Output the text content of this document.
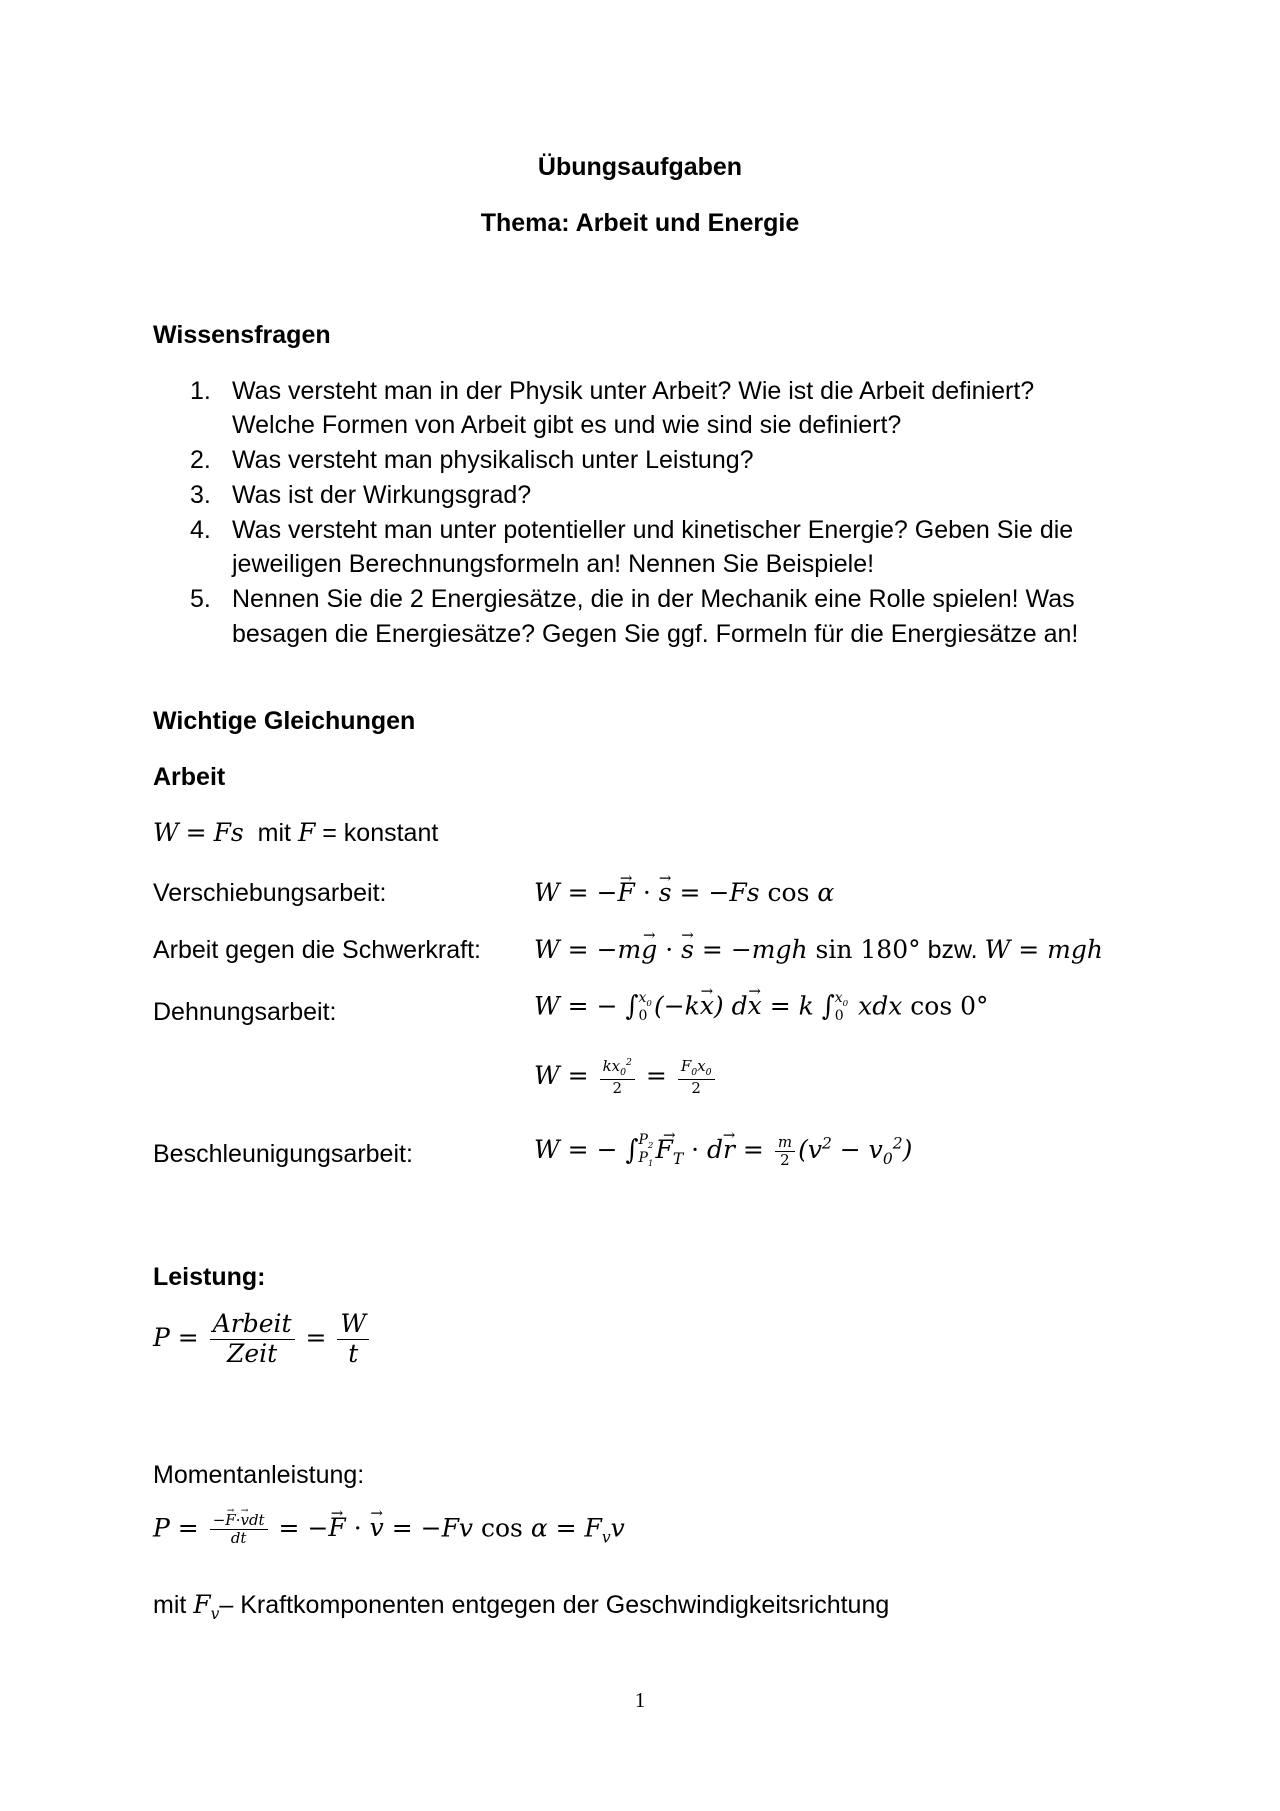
Übungsaufgaben
Thema: Arbeit und Energie
Wissensfragen
1. Was versteht man in der Physik unter Arbeit? Wie ist die Arbeit definiert?
Welche Formen von Arbeit gibt es und wie sind sie definiert?
2. Was versteht man physikalisch unter Leistung?
3. Was ist der Wirkungsgrad?
4. Was versteht man unter potentieller und kinetischer Energie? Geben Sie die
jeweiligen Berechnungsformeln an! Nennen Sie Beispiele!
5. Nennen Sie die 2 Energiesätze, die in der Mechanik eine Rolle spielen! Was
besagen die Energiesätze? Gegen Sie ggf. Formeln für die Energiesätze an!
Wichtige Gleichungen
Arbeit
W = Fs mit F = konstant
Verschiebungsarbeit:	W = −→ F · → s = −Fs cos α
Arbeit gegen die Schwerkraft: W = −m→ g · → s = −mgh sin 180° bzw. W = mgh
Dehnungsarbeit:	W = − ∫ $x_0$
0 (−k→ x) d→ x = k ∫ $x_0$
0 xdx cos 0°
$W = \frac{kx_0^2}{2} = \frac{F_0x_0}{2}$
Beschleunigungsarbeit:	W = − ∫ $P_2$
$P_1$
→ $F_T \cdot d\to r = \frac{m}{2} (v^2 - v_0^2)$
Leistung:
$P = \frac{\text{Arbeit}}{\text{Zeit}} = \frac{W}{t}$
Momentanleistung:
$P = \frac{\text{−→ F·→ vdt}}{dt}$ = −→ F · → v = −Fv $\cos \alpha = F_vv$
mit $F_v-$ Kraftkomponenten entgegen der Geschwindigkeitsrichtung
1
